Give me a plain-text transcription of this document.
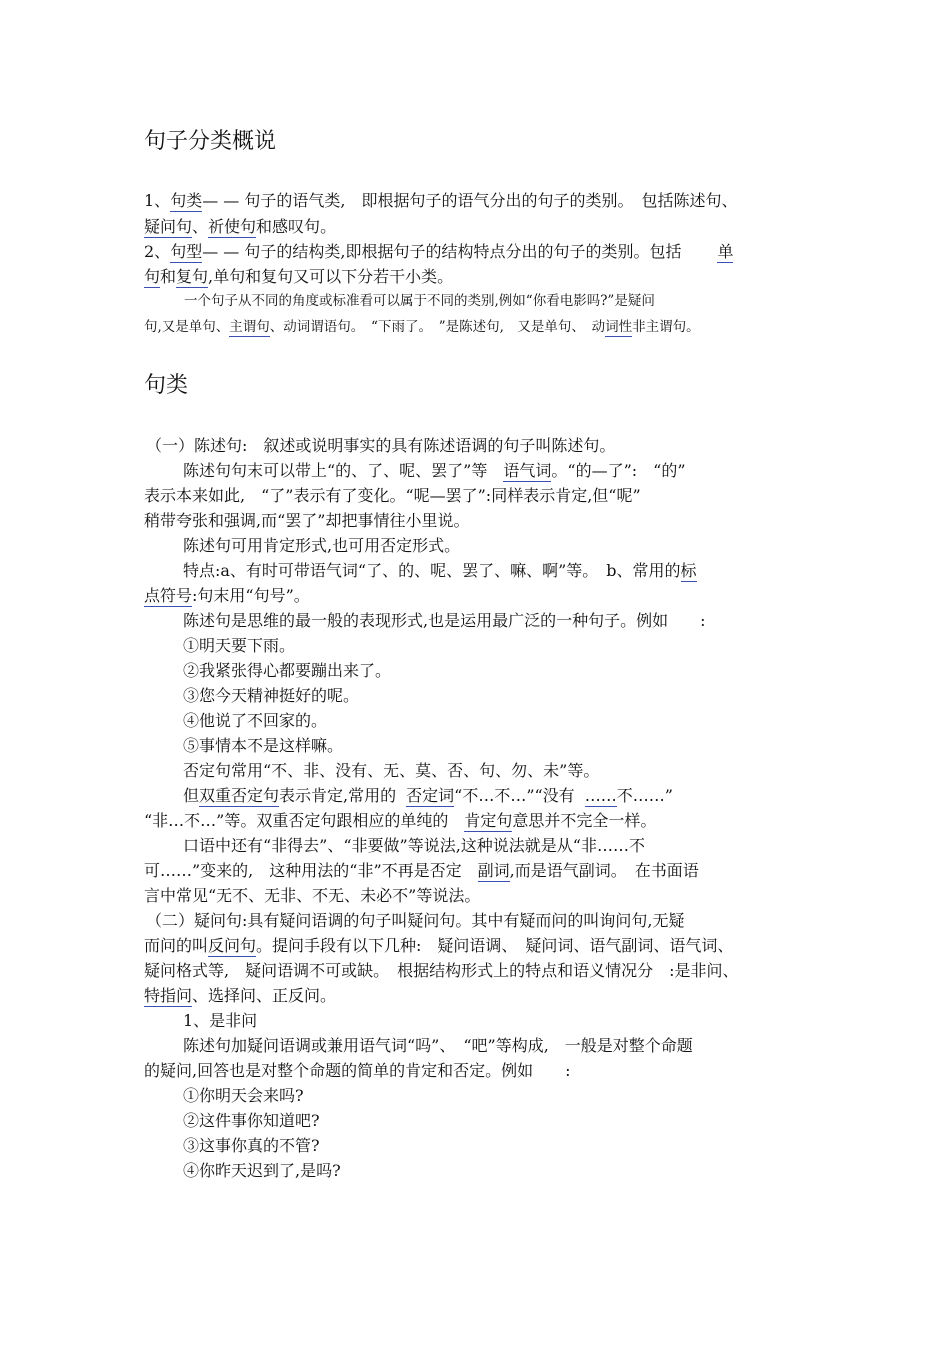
句子分类概说
1、句类— — 句子的语气类,　即根据句子的语气分出的句子的类别。　包括陈述句、
疑问句、祈使句和感叹句。
2、句型— — 句子的结构类,即根据句子的结构特点分出的句子的类别。包括 单
句和复句,单句和复句又可以下分若干小类。
一个句子从不同的角度或标准看可以属于不同的类别,例如“你看电影吗?”是疑问
句,又是单句、主谓句、动词谓语句。　“下雨了。　”是陈述句,　又是单句、　动词性非主谓句。
句类
（一）陈述句:　叙述或说明事实的具有陈述语调的句子叫陈述句。
陈述句句末可以带上“的、了、呢、罢了”等　语气词。“的—了”:　“的”
表示本来如此,　“了”表示有了变化。“呢—罢了”:同样表示肯定,但“呢”
稍带夸张和强调,而“罢了”却把事情往小里说。
陈述句可用肯定形式,也可用否定形式。
特点:a、有时可带语气词“了、的、呢、罢了、嘛、啊”等。　b、常用的标
点符号:句末用“句号”。
陈述句是思维的最一般的表现形式,也是运用最广泛的一种句子。例如　　:
①明天要下雨。
②我紧张得心都要蹦出来了。
③您今天精神挺好的呢。
④他说了不回家的。
⑤事情本不是这样嘛。
否定句常用“不、非、没有、无、莫、否、句、勿、未”等。
但双重否定句表示肯定,常用的 否定词“不…不…”“没有 ……不……”
“非…不…”等。双重否定句跟相应的单纯的　肯定句意思并不完全一样。
口语中还有“非得去”、“非要做”等说法,这种说法就是从“非……不
可……”变来的,　这种用法的“非”不再是否定　副词,而是语气副词。　在书面语
言中常见“无不、无非、不无、未必不”等说法。
（二）疑问句:具有疑问语调的句子叫疑问句。其中有疑而问的叫询问句,无疑
而问的叫反问句。提问手段有以下几种:　疑问语调、　疑问词、语气副词、语气词、
疑问格式等,　疑问语调不可或缺。　根据结构形式上的特点和语义情况分　:是非问、
特指问、选择问、正反问。
1、是非问
陈述句加疑问语调或兼用语气词“吗”、　“吧”等构成,　一般是对整个命题
的疑问,回答也是对整个命题的简单的肯定和否定。例如　　:
①你明天会来吗?
②这件事你知道吧?
③这事你真的不管?
④你昨天迟到了,是吗?
